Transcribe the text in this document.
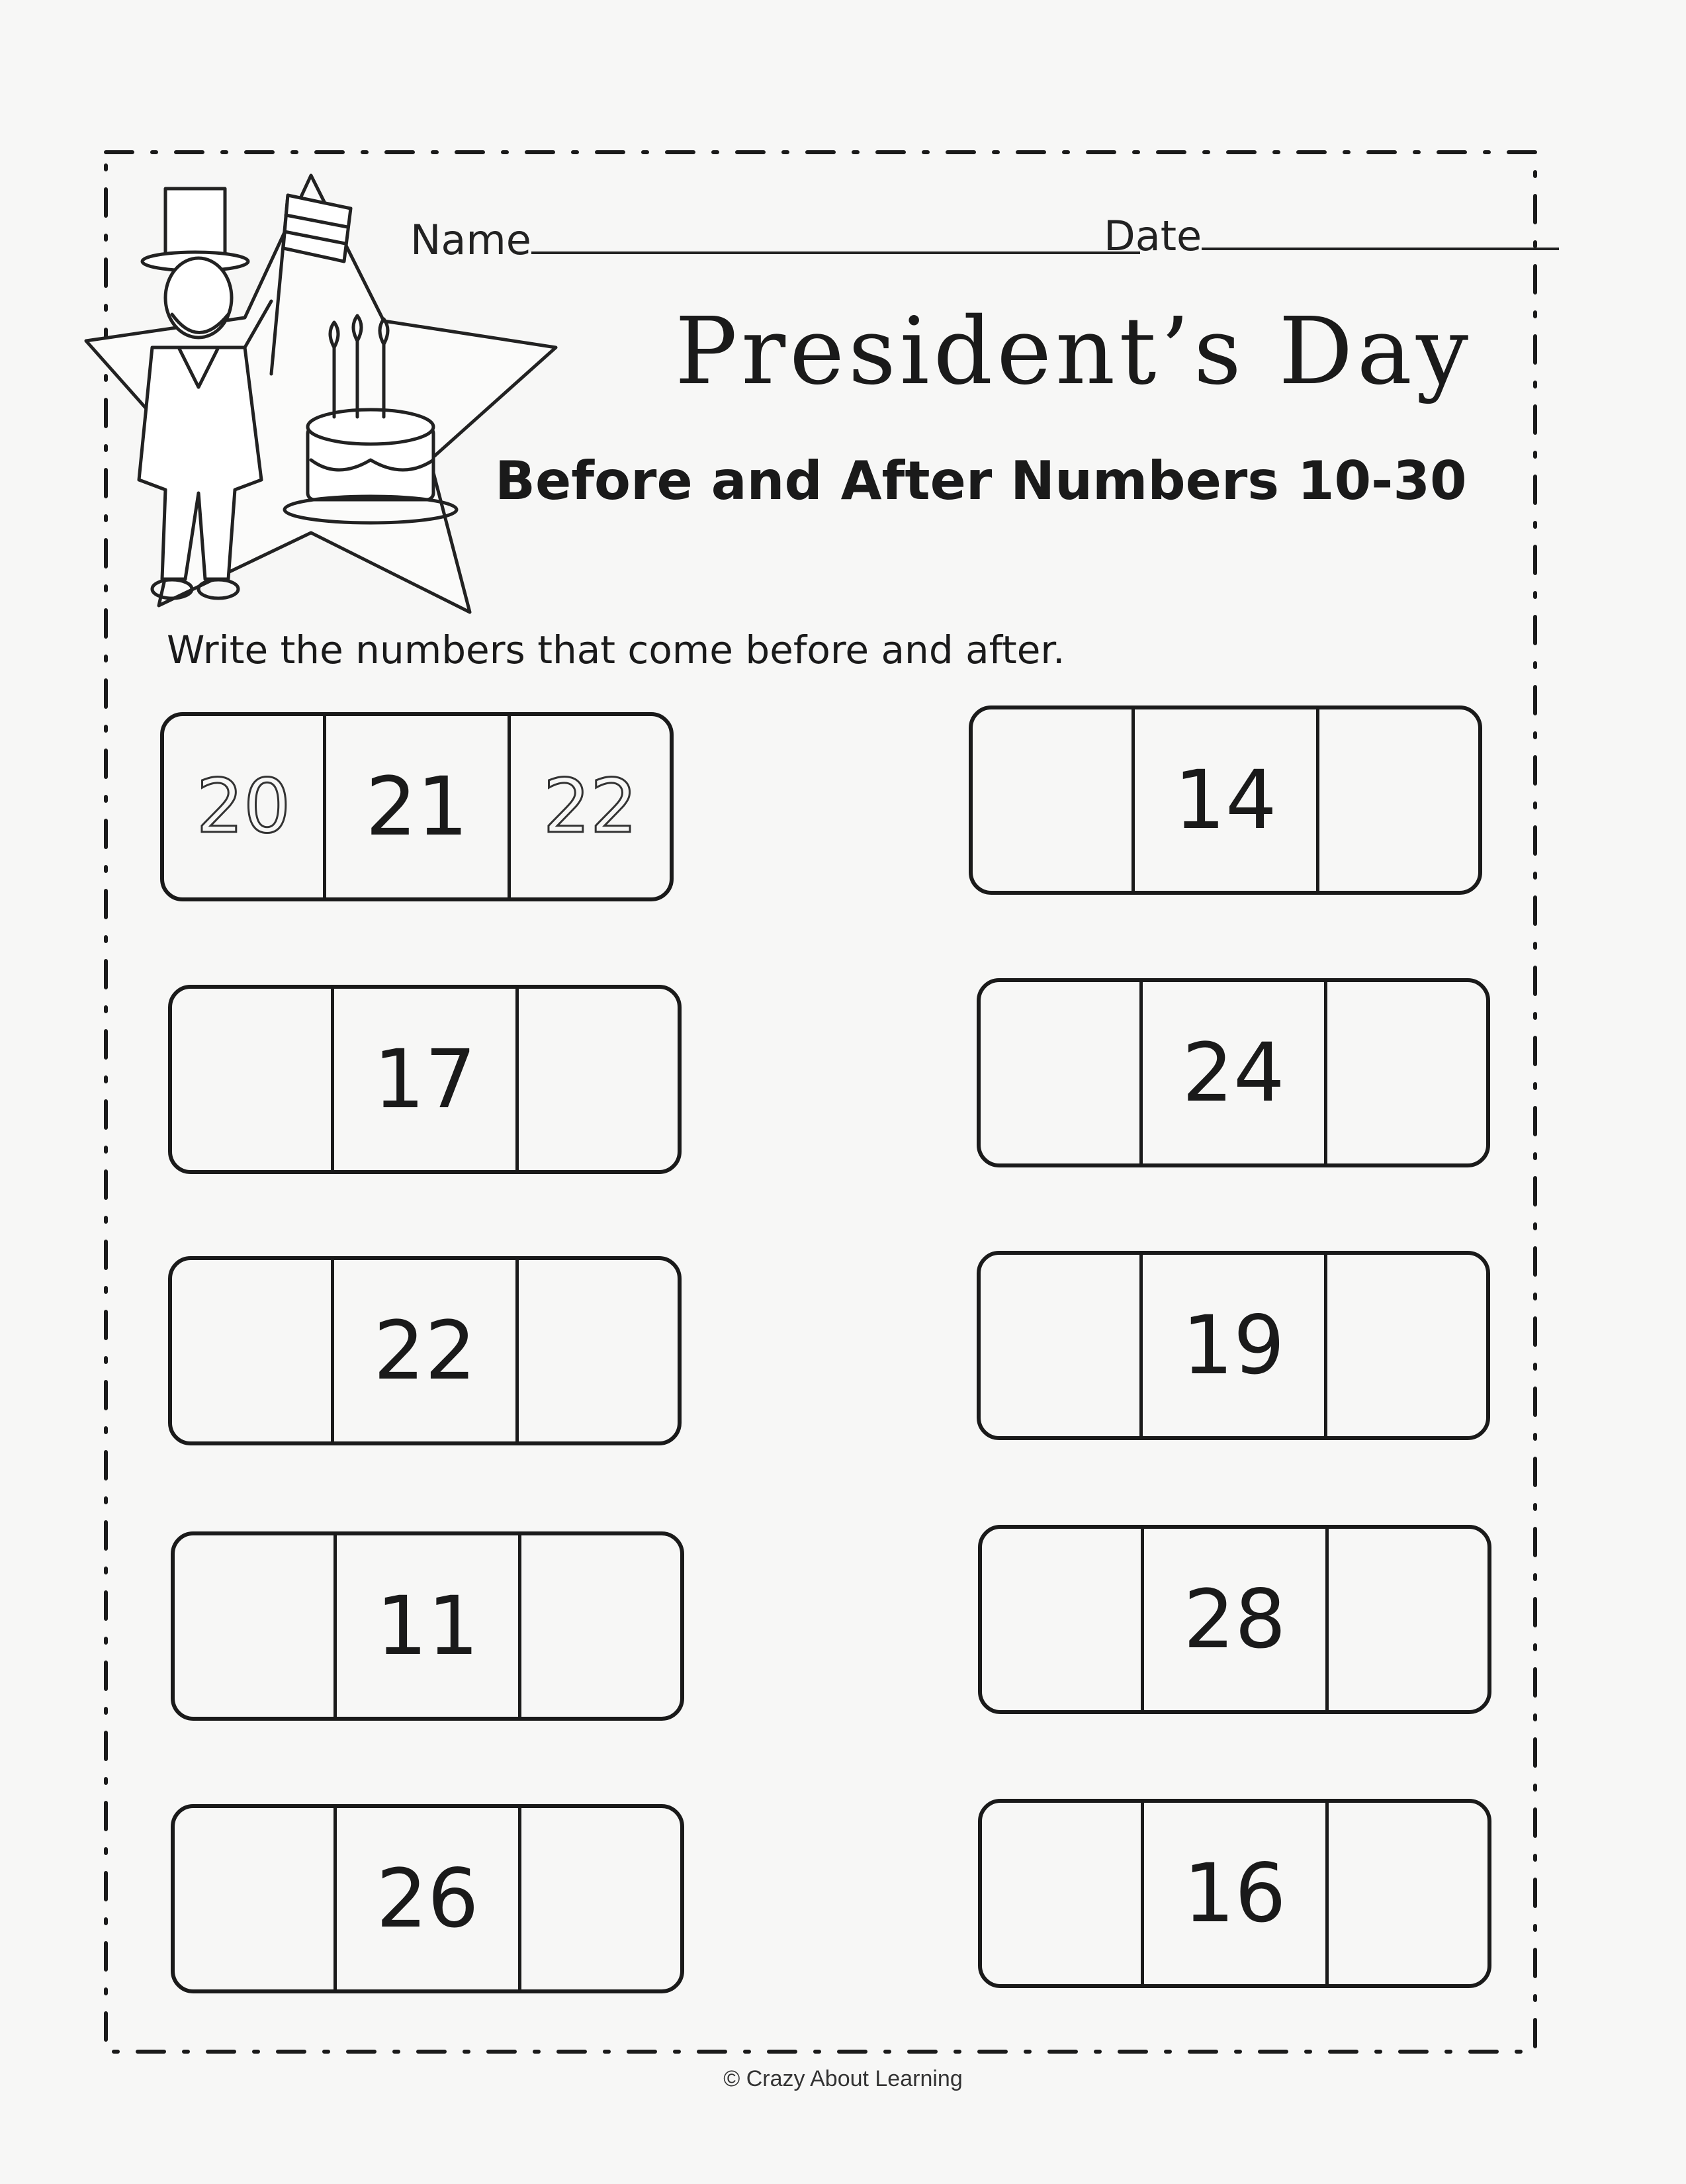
Name	Date
President’s Day
Before and After Numbers 10-30
Write the numbers that come before and after.
20 21	22
17
22
11
26
14
24
19
28
16
© Crazy About Learning
